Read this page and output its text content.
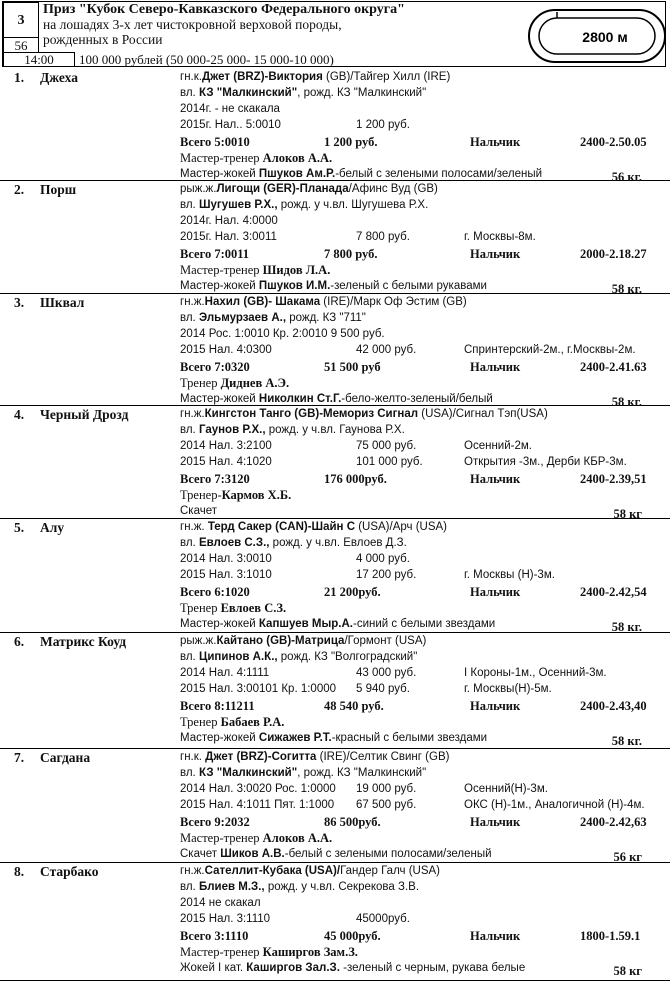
3
56
14:00
Приз "Кубок Северо-Кавказского Федерального округа"
на лошадях 3-х лет чистокровной верховой породы,
рожденных в России
100 000 рублей (50 000-25 000- 15 000-10 000)
2800 м
1. Джеха	гн.к.Джет (BRZ)-Виктория (GB)/Тайгер Хилл (IRE)
вл. КЗ "Малкинский", рожд. КЗ "Малкинский"
2014г. - не скакала
2015г. Нал.. 5:0010	1 200 руб.
Всего 5:0010	1 200 руб.	Нальчик	2400-2.50.05
Мастер-тренер Алоков А.А.
Мастер-жокей Пшуков Ам.Р.-белый с зелеными полосами/зеленый	56 кг.
2. Порш	рыж.ж.Лигощи (GER)-Планада/Афинс Вуд (GB)
вл. Шугушев Р.Х., рожд. у ч.вл. Шугушева Р.Х.
2014г. Нал. 4:0000
2015г. Нал. 3:0011	7 800 руб.	г. Москвы-8м.
Всего 7:0011	7 800 руб.	Нальчик	2000-2.18.27
Мастер-тренер Шидов Л.А.
Мастер-жокей Пшуков И.М.-зеленый с белыми рукавами	58 кг.
3. Шквал	гн.ж.Нахил (GB)- Шакама (IRE)/Марк Оф Эстим (GB)
вл. Эльмурзаев А., рожд. КЗ "711"
2014 Рос. 1:0010 Кр. 2:0010 9 500 руб.
2015 Нал. 4:0300	42 000 руб.	Спринтерский-2м., г.Москвы-2м.
Всего 7:0320	51 500 руб	Нальчик	2400-2.41.63
Тренер Диднев А.Э.
Мастер-жокей Николкин Ст.Г.-бело-желто-зеленый/белый	58 кг.
4. Черный Дрозд	гн.ж.Кингстон Танго (GB)-Мемориз Сигнал (USA)/Сигнал Тэп(USA)
вл. Гаунов Р.Х., рожд. у ч.вл. Гаунова Р.Х.
2014 Нал. 3:2100	75 000 руб.	Осенний-2м.
2015 Нал. 4:1020	101 000 руб.	Открытия -3м., Дерби КБР-3м.
Всего 7:3120	176 000руб.	Нальчик	2400-2.39,51
Тренер-Кармов Х.Б.
Скачет	58 кг
5. Алу	гн.ж. Терд Сакер (CAN)-Шайн С (USA)/Арч (USA)
вл. Евлоев С.З., рожд. у ч.вл. Евлоев Д.З.
2014 Нал. 3:0010	4 000 руб.
2015 Нал. 3:1010	17 200 руб.	г. Москвы (Н)-3м.
Всего 6:1020	21 200руб.	Нальчик	2400-2.42,54
Тренер Евлоев С.З.
Мастер-жокей Капшуев Мыр.А.-синий с белыми звездами	58 кг.
6. Матрикс Коуд	рыж.ж.Кайтано (GB)-Матрица/Гормонт (USA)
вл. Ципинов А.К., рожд. КЗ "Волгоградский"
2014 Нал. 4:1111	43 000 руб.	I Короны-1м., Осенний-3м.
2015 Нал. 3:00101 Кр. 1:0000 5 940 руб.	г. Москвы(Н)-5м.
Всего 8:11211	48 540 руб.	Нальчик	2400-2.43,40
Тренер Бабаев Р.А.
Мастер-жокей Сижажев Р.Т.-красный с белыми звездами	58 кг.
7. Сагдана	гн.к. Джет (BRZ)-Согитта (IRE)/Селтик Свинг (GB)
вл. КЗ "Малкинский", рожд. КЗ "Малкинский"
2014 Нал. 3:0020 Рос. 1:0000 19 000 руб.	Осенний(Н)-3м.
2015 Нал. 4:1011 Пят. 1:1000 67 500 руб.	ОКС (Н)-1м., Аналогичной (Н)-4м.
Всего 9:2032	86 500руб.	Нальчик	2400-2.42,63
Мастер-тренер Алоков А.А.
Скачет Шиков А.В.-белый с зелеными полосами/зеленый	56 кг
8. Старбако	гн.ж.Сателлит-Кубака (USA)/Гандер Галч (USA)
вл. Блиев М.З., рожд. у ч.вл. Секрекова З.В.
2014 не скакал
2015 Нал. 3:1110	45000руб.
Всего 3:1110	45 000руб.	Нальчик	1800-1.59.1
Мастер-тренер Каширгов Зам.З.
Жокей I кат. Каширгов Зал.З. -зеленый с черным, рукава белые	58 кг
